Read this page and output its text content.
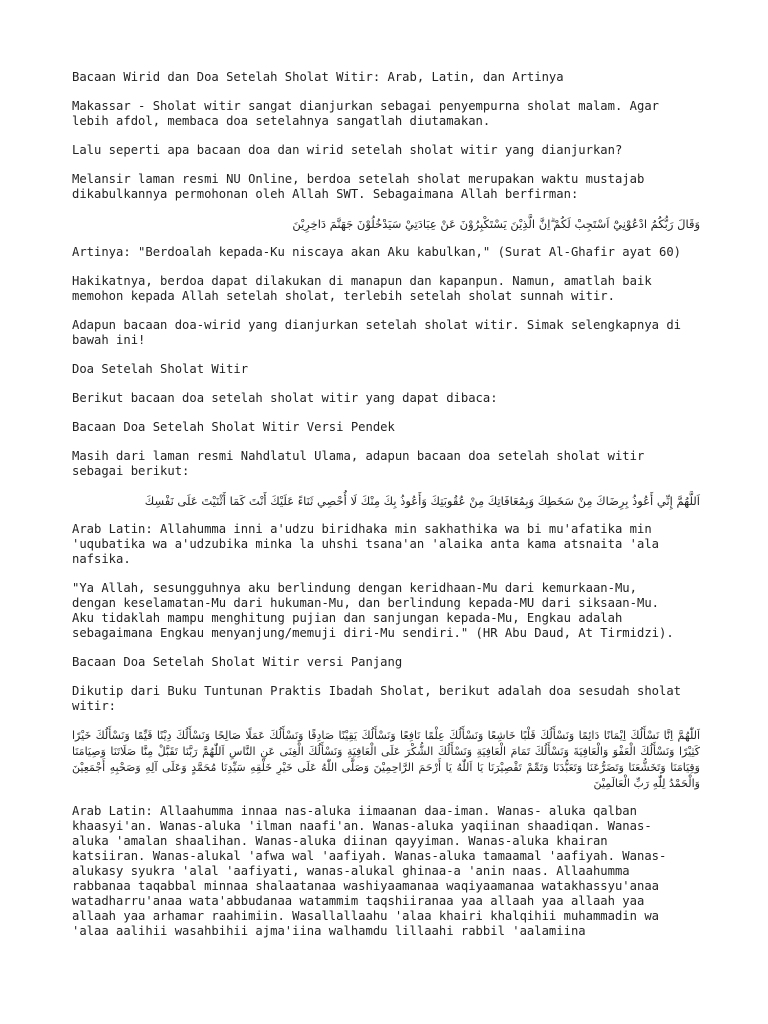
Bacaan Wirid dan Doa Setelah Sholat Witir: Arab, Latin, dan Artinya

Makassar - Sholat witir sangat dianjurkan sebagai penyempurna sholat malam. Agar
lebih afdol, membaca doa setelahnya sangatlah diutamakan.

Lalu seperti apa bacaan doa dan wirid setelah sholat witir yang dianjurkan?

Melansir laman resmi NU Online, berdoa setelah sholat merupakan waktu mustajab
dikabulkannya permohonan oleh Allah SWT. Sebagaimana Allah berfirman:

وَقَالَ رَبُّكُمُ ادْعُوْنِيْٓ اَسْتَجِبْ لَكُمْ ۗاِنَّ الَّذِيْنَ يَسْتَكْبِرُوْنَ عَنْ عِبَادَتِيْ سَيَدْخُلُوْنَ جَهَنَّمَ دَاخِرِيْنَ

Artinya: "Berdoalah kepada-Ku niscaya akan Aku kabulkan," (Surat Al-Ghafir ayat 60)

Hakikatnya, berdoa dapat dilakukan di manapun dan kapanpun. Namun, amatlah baik
memohon kepada Allah setelah sholat, terlebih setelah sholat sunnah witir.

Adapun bacaan doa-wirid yang dianjurkan setelah sholat witir. Simak selengkapnya di
bawah ini!

Doa Setelah Sholat Witir

Berikut bacaan doa setelah sholat witir yang dapat dibaca:

Bacaan Doa Setelah Sholat Witir Versi Pendek

Masih dari laman resmi Nahdlatul Ulama, adapun bacaan doa setelah sholat witir
sebagai berikut:

اَللَّهُمَّ إِنِّي أَعُوذُ بِرِضَاكَ مِنْ سَخَطِكَ وَبِمُعَافَاتِكَ مِنْ عُقُوبَتِكَ وَأَعُوذُ بِكَ مِنْكَ لَا أُحْصِي ثَنَاءً عَلَيْكَ أَنْتَ كَمَا أَثْنَيْتَ عَلَى نَفْسِكَ

Arab Latin: Allahumma inni a'udzu biridhaka min sakhathika wa bi mu'afatika min
'uqubatika wa a'udzubika minka la uhshi tsana'an 'alaika anta kama atsnaita 'ala
nafsika.

"Ya Allah, sesungguhnya aku berlindung dengan keridhaan-Mu dari kemurkaan-Mu,
dengan keselamatan-Mu dari hukuman-Mu, dan berlindung kepada-MU dari siksaan-Mu.
Aku tidaklah mampu menghitung pujian dan sanjungan kepada-Mu, Engkau adalah
sebagaimana Engkau menyanjung/memuji diri-Mu sendiri." (HR Abu Daud, At Tirmidzi).

Bacaan Doa Setelah Sholat Witir versi Panjang

Dikutip dari Buku Tuntunan Praktis Ibadah Sholat, berikut adalah doa sesudah sholat
witir:

اَللّٰهُمَّ اِنَّا نَسْأَلُكَ اِيْمَانًا دَائِمًا وَنَسْأَلُكَ قَلْبًا خَاشِعًا وَنَسْأَلُكَ عِلْمًا نَافِعًا وَنَسْأَلُكَ يَقِيْنًا صَادِقًا وَنَسْأَلُكَ عَمَلًا صَالِحًا وَنَسْأَلُكَ دِيْنًا قَيِّمًا وَنَسْأَلُكَ خَيْرًا كَثِيْرًا وَنَسْأَلُكَ الْعَفْوَ وَالْعَافِيَةَ وَنَسْأَلُكَ تَمَامَ الْعَافِيَةِ وَنَسْأَلُكَ الشُّكْرَ عَلَى الْعَافِيَةِ وَنَسْأَلُكَ الْغِنَى عَنِ النَّاسِ اَللّٰهُمَّ رَبَّنَا تَقَبَّلْ مِنَّا صَلَاتَنَا وَصِيَامَنَا وَقِيَامَنَا وَتَخَشُّعَنَا وَتَضَرُّعَنَا وَتَعَبُّدَنَا وَتَمِّمْ تَقْصِيْرَنَا يَا اَللّٰهُ يَا أَرْحَمَ الرَّاحِمِيْنَ وَصَلَّى اللّٰهُ عَلَى خَيْرِ خَلْقِهِ سَيِّدِنَا مُحَمَّدٍ وَعَلَى آلِهِ وَصَحْبِهِ أَجْمَعِيْنَ وَالْحَمْدُ لِلّٰهِ رَبِّ الْعَالَمِيْنَ

Arab Latin: Allaahumma innaa nas-aluka iimaanan daa-iman. Wanas- aluka qalban
khaasyi'an. Wanas-aluka 'ilman naafi'an. Wanas-aluka yaqiinan shaadiqan. Wanas-
aluka 'amalan shaalihan. Wanas-aluka diinan qayyiman. Wanas-aluka khairan
katsiiran. Wanas-alukal 'afwa wal 'aafiyah. Wanas-aluka tamaamal 'aafiyah. Wanas-
alukasy syukra 'alal 'aafiyati, wanas-alukal ghinaa-a 'anin naas. Allaahumma
rabbanaa taqabbal minnaa shalaatanaa washiyaamanaa waqiyaamanaa watakhassyu'anaa
watadharru'anaa wata'abbudanaa watammim taqshiiranaa yaa allaah yaa allaah yaa
allaah yaa arhamar raahimiin. Wasallallaahu 'alaa khairi khalqihii muhammadin wa
'alaa aalihii wasahbihii ajma'iina walhamdu lillaahi rabbil 'aalamiina
